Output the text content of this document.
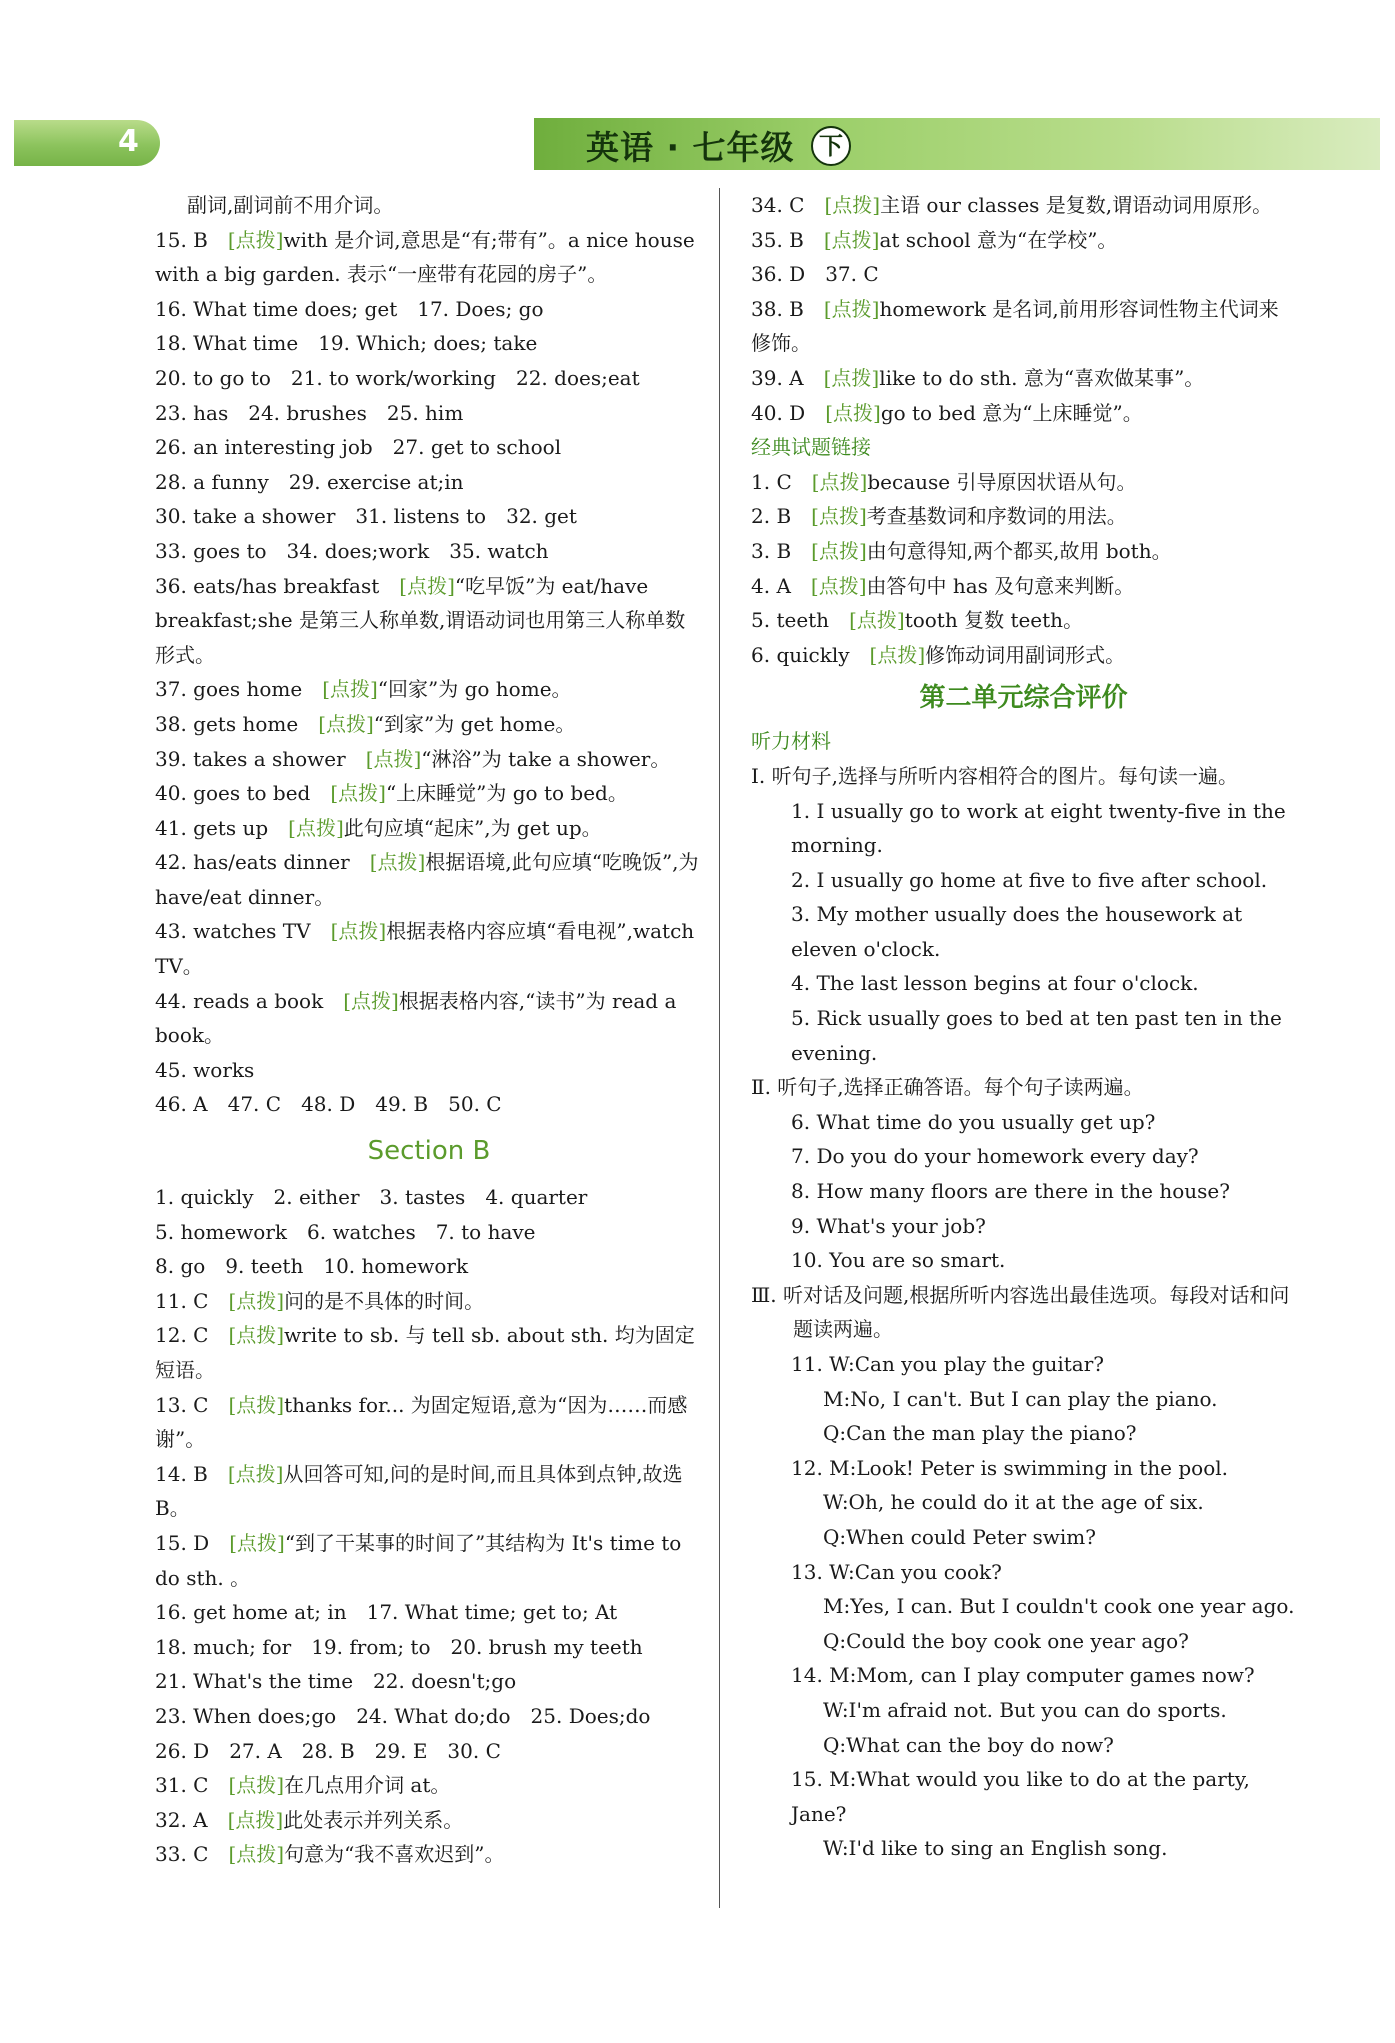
4	英语 · 七年级	下

副词,副词前不用介词。

15. B　 [点拨]with 是介词,意思是“有;带有”。a nice house with a big garden. 表示“一座带有花园的房子”。

16. What time does; get　17. Does; go

18. What time　19. Which; does; take

20. to go to　21. to work/working　22. does;eat

23. has　24. brushes　25. him

26. an interesting job　27. get to school

28. a funny　29. exercise at;in

30. take a shower　31. listens to　32. get

33. goes to　34. does;work　35. watch

36. eats/has breakfast　 [点拨]“吃早饭”为 eat/have breakfast;she 是第三人称单数,谓语动词也用第三人称单数形式。

37. goes home　 [点拨]“回家”为 go home。

38. gets home　 [点拨]“到家”为 get home。

39. takes a shower　 [点拨]“淋浴”为 take a shower。

40. goes to bed　 [点拨]“上床睡觉”为 go to bed。

41. gets up　 [点拨]此句应填“起床”,为 get up。

42. has/eats dinner　 [点拨]根据语境,此句应填“吃晚饭”,为 have/eat dinner。

43. watches TV　 [点拨]根据表格内容应填“看电视”,watch TV。

44. reads a book　 [点拨]根据表格内容,“读书”为 read a book。

45. works

46. A　47. C　48. D　49. B　50. C

Section B

1. quickly　2. either　3. tastes　4. quarter

5. homework　6. watches　7. to have

8. go　9. teeth　10. homework

11. C　 [点拨]问的是不具体的时间。

12. C　 [点拨]write to sb. 与 tell sb. about sth. 均为固定短语。

13. C　 [点拨]thanks for... 为固定短语,意为“因为……而感谢”。

14. B　 [点拨]从回答可知,问的是时间,而且具体到点钟,故选 B。

15. D　 [点拨]“到了干某事的时间了”其结构为 It's time to do sth. 。

16. get home at; in　17. What time; get to; At

18. much; for　19. from; to　20. brush my teeth

21. What's the time　22. doesn't;go

23. When does;go　24. What do;do　25. Does;do

26. D　27. A　28. B　29. E　30. C

31. C　 [点拨]在几点用介词 at。

32. A　 [点拨]此处表示并列关系。

33. C　 [点拨]句意为“我不喜欢迟到”。

34. C　 [点拨]主语 our classes 是复数,谓语动词用原形。

35. B　 [点拨]at school 意为“在学校”。

36. D　37. C

38. B　 [点拨]homework 是名词,前用形容词性物主代词来修饰。

39. A　 [点拨]like to do sth. 意为“喜欢做某事”。

40. D　 [点拨]go to bed 意为“上床睡觉”。

经典试题链接

1. C　 [点拨]because 引导原因状语从句。

2. B　 [点拨]考查基数词和序数词的用法。

3. B　 [点拨]由句意得知,两个都买,故用 both。

4. A　 [点拨]由答句中 has 及句意来判断。

5. teeth　 [点拨]tooth 复数 teeth。

6. quickly　 [点拨]修饰动词用副词形式。

第二单元综合评价

听力材料

Ⅰ. 听句子,选择与所听内容相符合的图片。每句读一遍。

1. I usually go to work at eight twenty-five in the morning.

2. I usually go home at five to five after school.

3. My mother usually does the housework at eleven o'clock.

4. The last lesson begins at four o'clock.

5. Rick usually goes to bed at ten past ten in the evening.

Ⅱ. 听句子,选择正确答语。每个句子读两遍。

6. What time do you usually get up?

7. Do you do your homework every day?

8. How many floors are there in the house?

9. What's your job?

10. You are so smart.

Ⅲ. 听对话及问题,根据所听内容选出最佳选项。每段对话和问题读两遍。

11. W:Can you play the guitar?

M:No, I can't. But I can play the piano.

Q:Can the man play the piano?

12. M:Look! Peter is swimming in the pool.

W:Oh, he could do it at the age of six.

Q:When could Peter swim?

13. W:Can you cook?

M:Yes, I can. But I couldn't cook one year ago.

Q:Could the boy cook one year ago?

14. M:Mom, can I play computer games now?

W:I'm afraid not. But you can do sports.

Q:What can the boy do now?

15. M:What would you like to do at the party, Jane?

W:I'd like to sing an English song.
